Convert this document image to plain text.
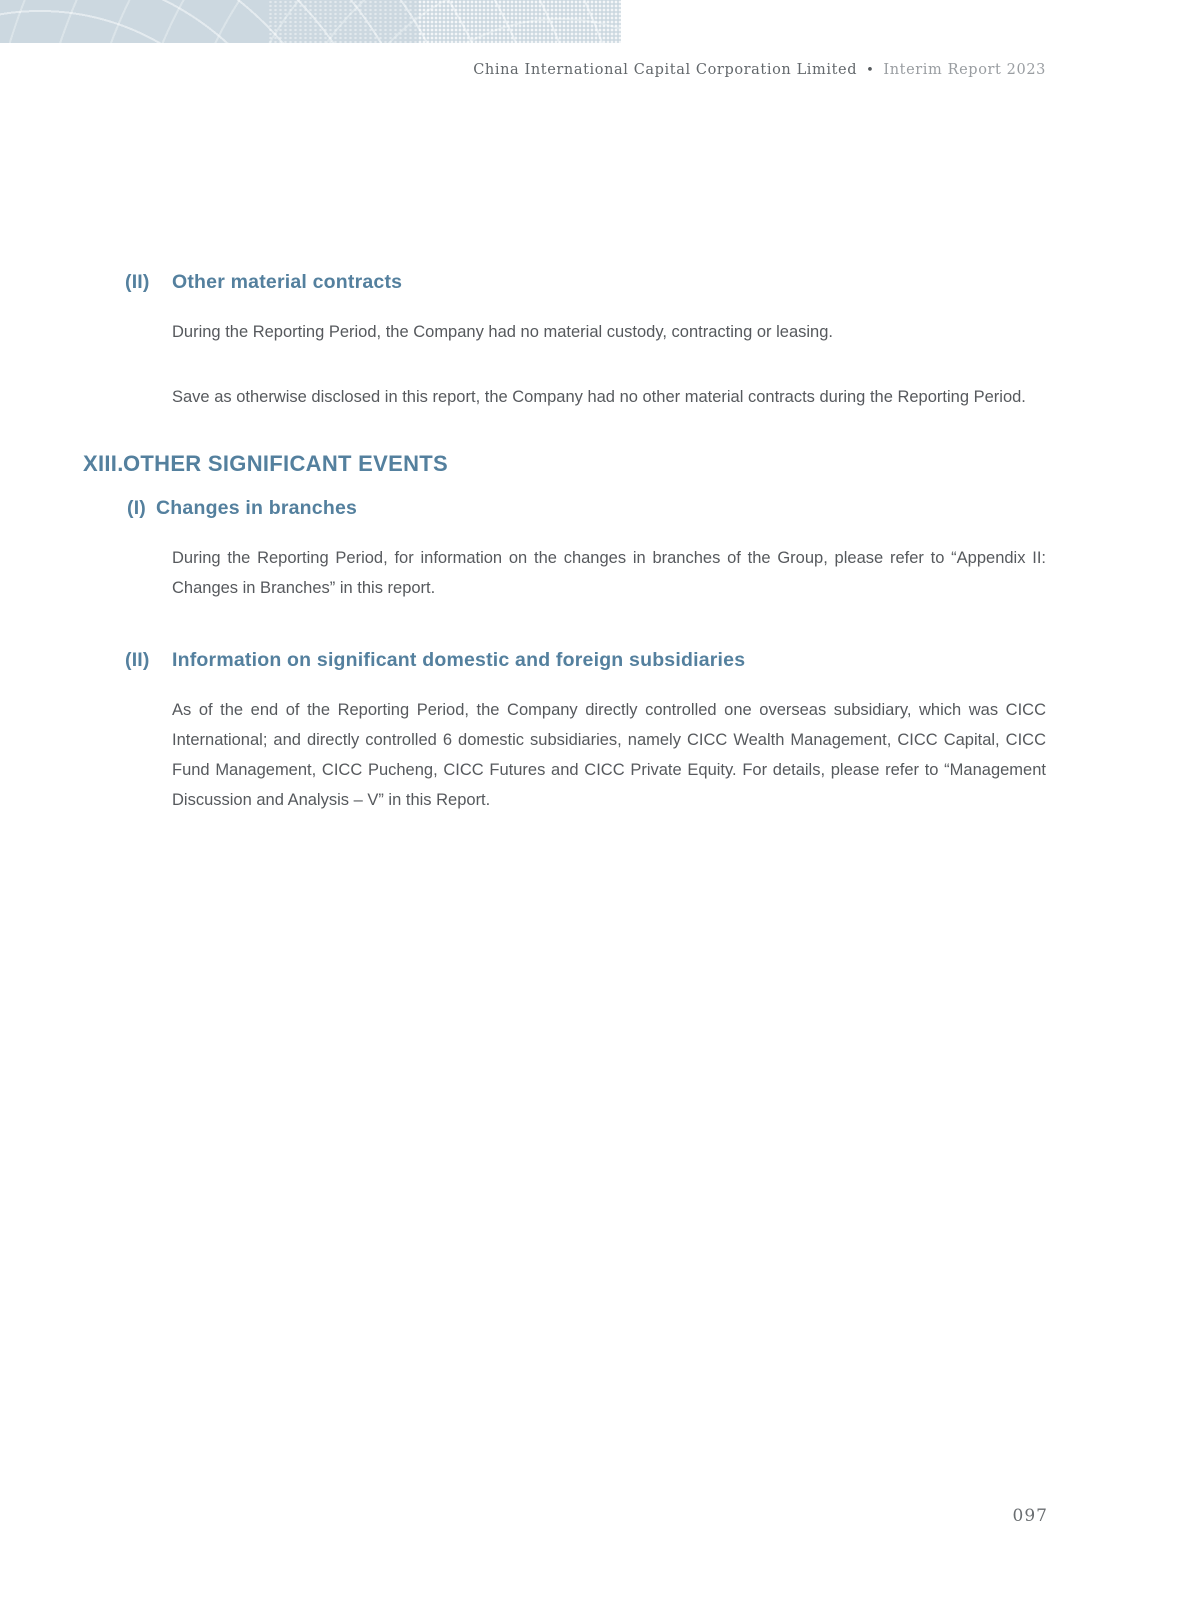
China International Capital Corporation Limited • Interim Report 2023
(II)	Other material contracts

During the Reporting Period, the Company had no material custody, contracting or leasing.

Save as otherwise disclosed in this report, the Company had no other material contracts during the Reporting Period.

XIII. OTHER SIGNIFICANT EVENTS
(I) Changes in branches

During the Reporting Period, for information on the changes in branches of the Group, please refer to “Appendix II: Changes in Branches” in this report.

(II)	Information on significant domestic and foreign subsidiaries

As of the end of the Reporting Period, the Company directly controlled one overseas subsidiary, which was CICC International; and directly controlled 6 domestic subsidiaries, namely CICC Wealth Management, CICC Capital, CICC Fund Management, CICC Pucheng, CICC Futures and CICC Private Equity. For details, please refer to “Management Discussion and Analysis – V” in this Report.

097
